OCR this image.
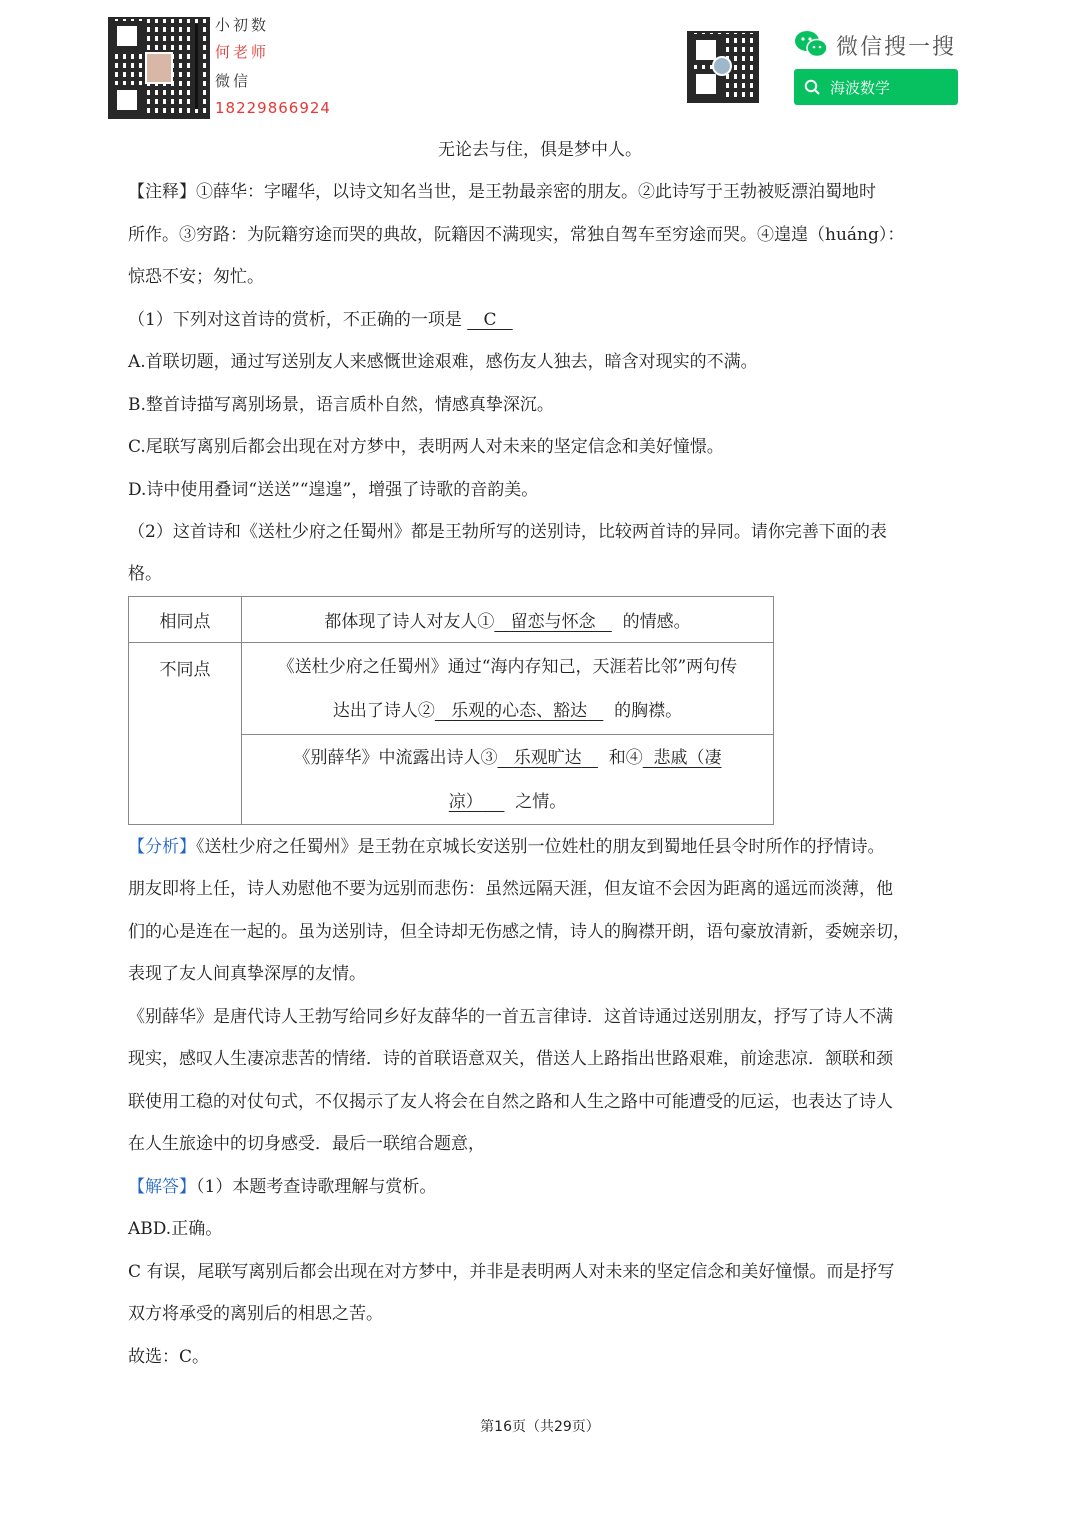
小初数
何老师
微信
18229866924
微信搜一搜
海波数学
无论去与住，俱是梦中人。
【注释】①薛华：字曜华，以诗文知名当世，是王勃最亲密的朋友。②此诗写于王勃被贬漂泊蜀地时
所作。③穷路：为阮籍穷途而哭的典故，阮籍因不满现实，常独自驾车至穷途而哭。④遑遑（huáng）：
惊恐不安；匆忙。
（1）下列对这首诗的赏析，不正确的一项是 C
A.首联切题，通过写送别友人来感慨世途艰难，感伤友人独去，暗含对现实的不满。
B.整首诗描写离别场景，语言质朴自然，情感真挚深沉。
C.尾联写离别后都会出现在对方梦中，表明两人对未来的坚定信念和美好憧憬。
D.诗中使用叠词“送送”“遑遑”，增强了诗歌的音韵美。
（2）这首诗和《送杜少府之任蜀州》都是王勃所写的送别诗，比较两首诗的异同。请你完善下面的表
格。
相同点	都体现了诗人对友人① 留恋与怀念 的情感。
不同点	《送杜少府之任蜀州》通过“海内存知己，天涯若比邻”两句传
达出了诗人② 乐观的心态、豁达 的胸襟。

	《别薛华》中流露出诗人③ 乐观旷达 和④ 悲戚（凄
凉） 之情。
【分析】《送杜少府之任蜀州》是王勃在京城长安送别一位姓杜的朋友到蜀地任县令时所作的抒情诗。
朋友即将上任，诗人劝慰他不要为远别而悲伤：虽然远隔天涯，但友谊不会因为距离的遥远而淡薄，他
们的心是连在一起的。虽为送别诗，但全诗却无伤感之情，诗人的胸襟开朗，语句豪放清新，委婉亲切，
表现了友人间真挚深厚的友情。
《别薛华》是唐代诗人王勃写给同乡好友薛华的一首五言律诗．这首诗通过送别朋友，抒写了诗人不满
现实，感叹人生凄凉悲苦的情绪．诗的首联语意双关，借送人上路指出世路艰难，前途悲凉．颔联和颈
联使用工稳的对仗句式，不仅揭示了友人将会在自然之路和人生之路中可能遭受的厄运，也表达了诗人
在人生旅途中的切身感受．最后一联绾合题意，
【解答】（1）本题考查诗歌理解与赏析。
ABD.正确。
C 有误，尾联写离别后都会出现在对方梦中，并非是表明两人对未来的坚定信念和美好憧憬。而是抒写
双方将承受的离别后的相思之苦。
故选：C。
第16页（共29页）
